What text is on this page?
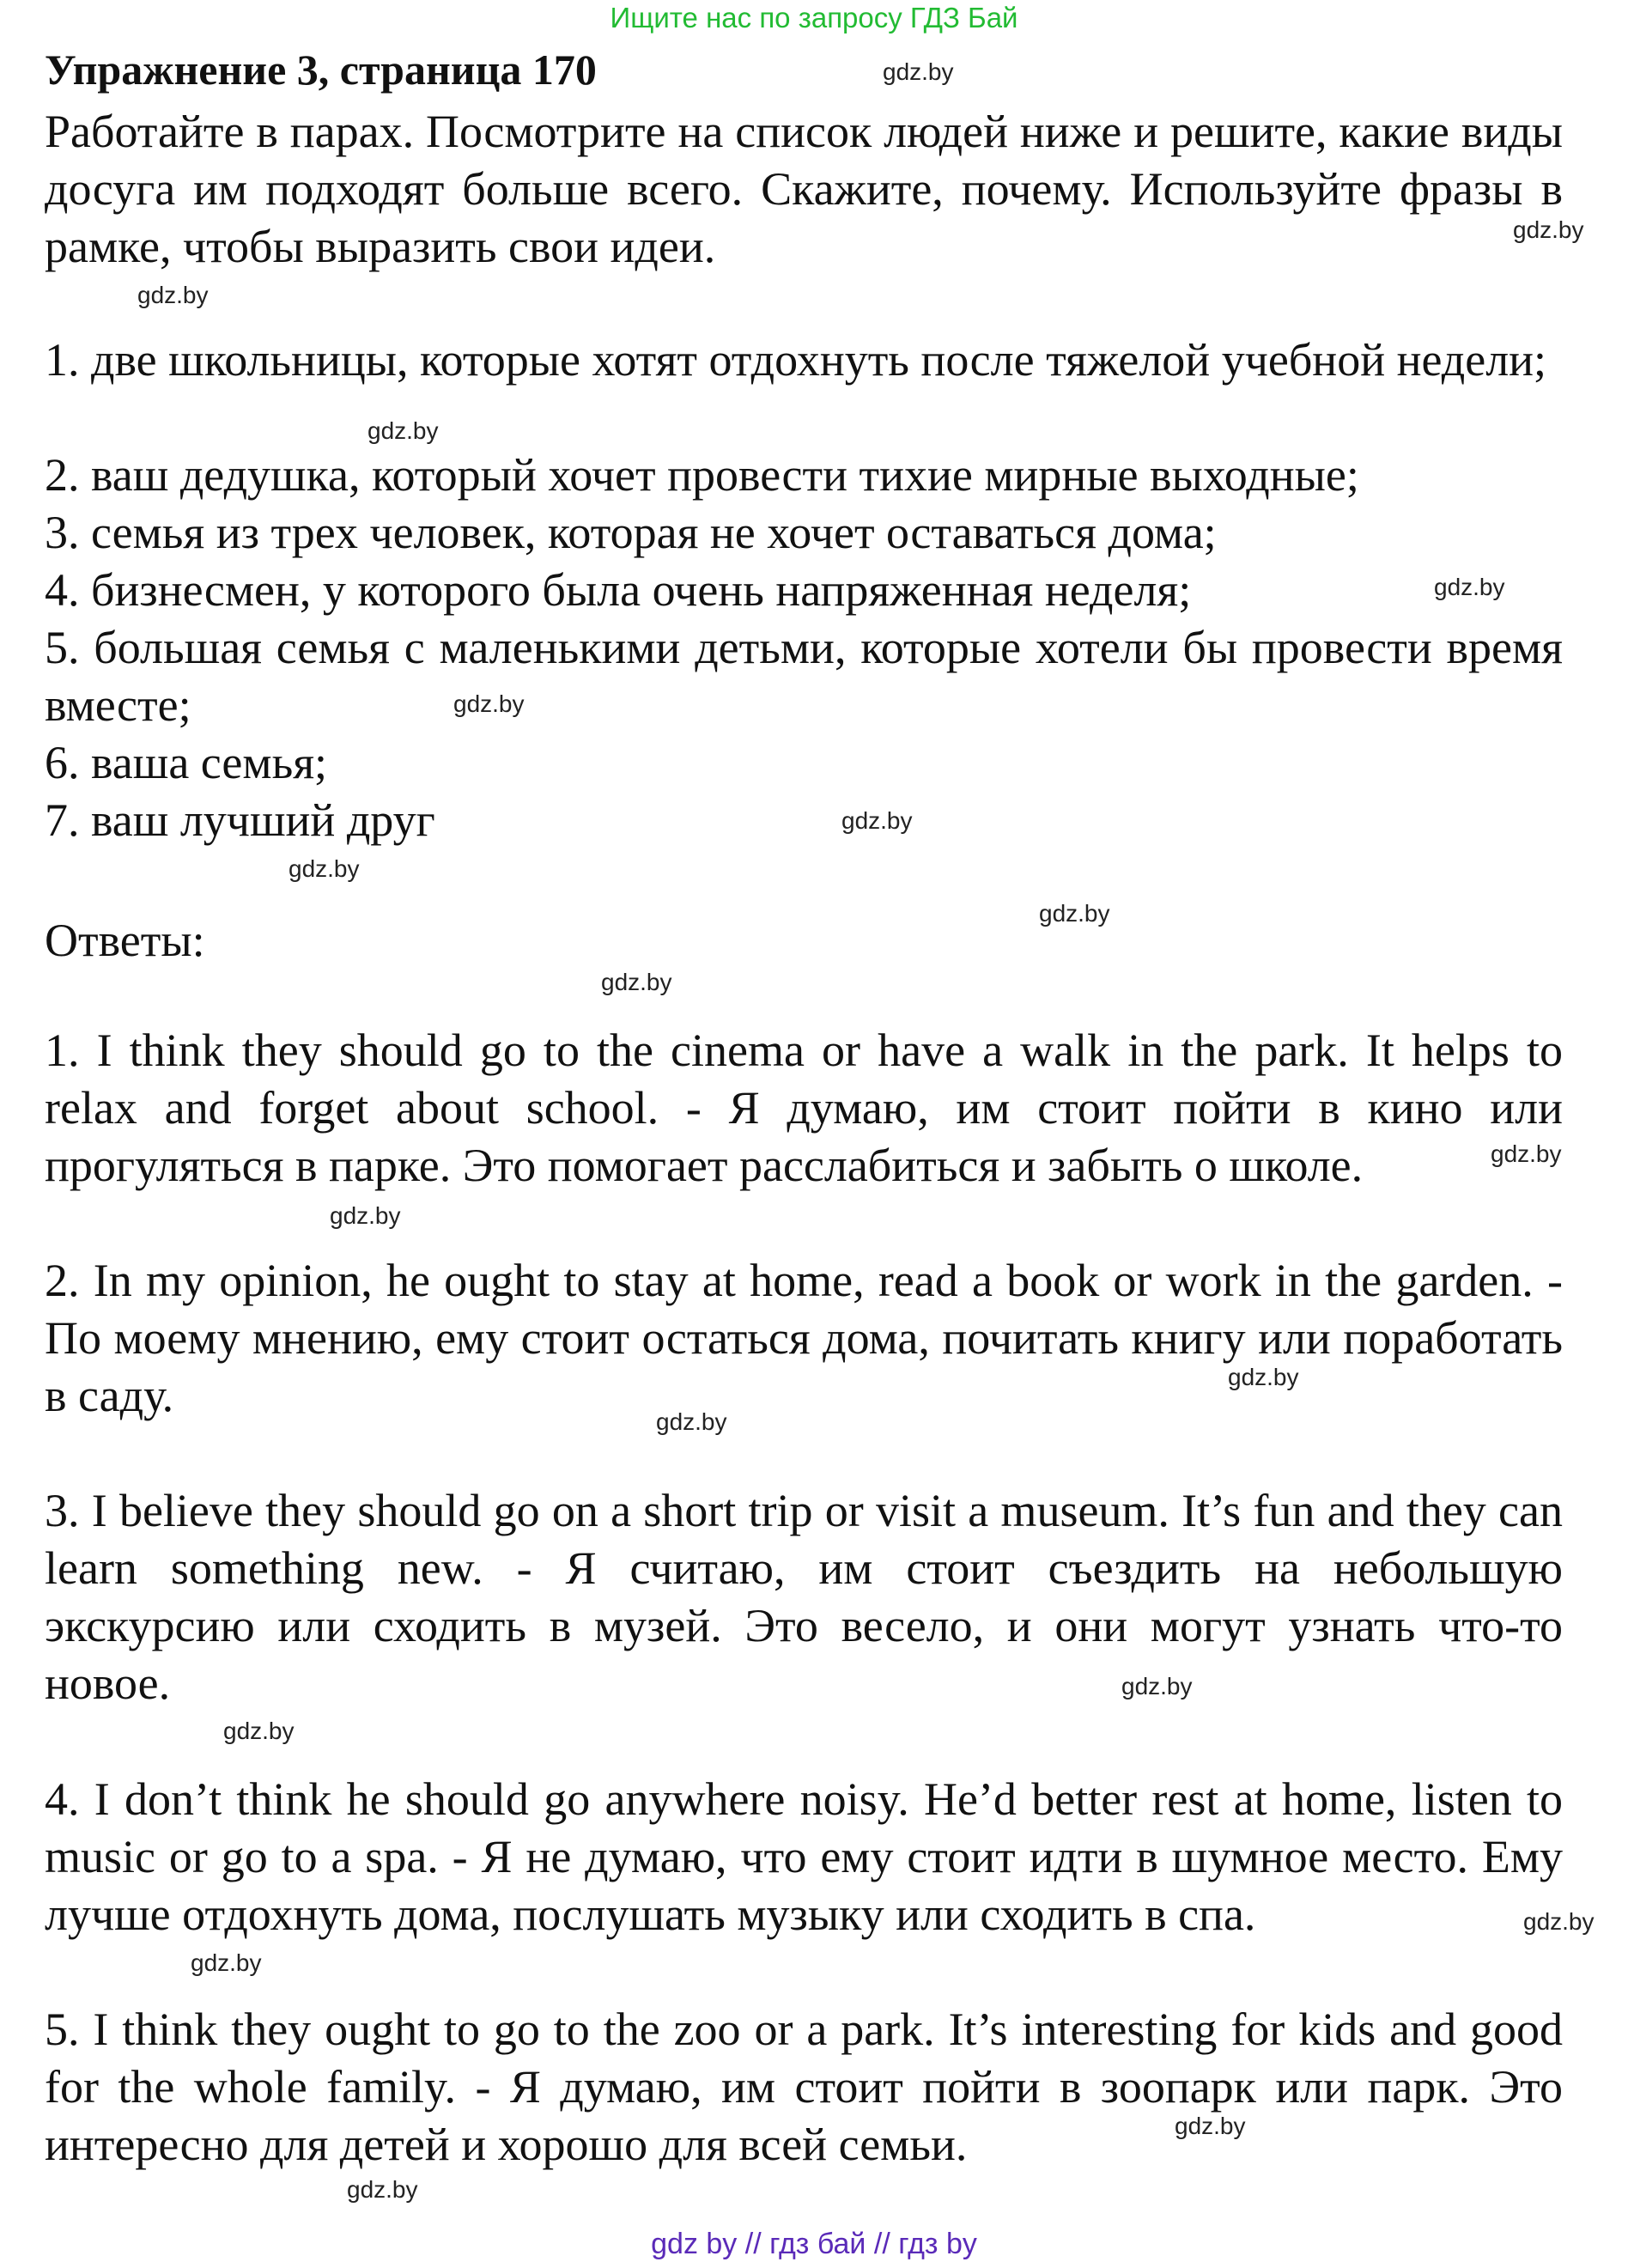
Ищите нас по запросу ГДЗ Бай
Упражнение 3, страница 170
Работайте в парах. Посмотрите на список людей ниже и решите, какие виды досуга им подходят больше всего. Скажите, почему. Используйте фразы в рамке, чтобы выразить свои идеи.
1. две школьницы, которые хотят отдохнуть после тяжелой учебной недели;
2. ваш дедушка, который хочет провести тихие мирные выходные;
3. семья из трех человек, которая не хочет оставаться дома;
4. бизнесмен, у которого была очень напряженная неделя;
5. большая семья с маленькими детьми, которые хотели бы провести время вместе;
6. ваша семья;
7. ваш лучший друг
Ответы:
1. I think they should go to the cinema or have a walk in the park. It helps to relax and forget about school. - Я думаю, им стоит пойти в кино или прогуляться в парке. Это помогает расслабиться и забыть о школе.
2. In my opinion, he ought to stay at home, read a book or work in the garden. - По моему мнению, ему стоит остаться дома, почитать книгу или поработать в саду.
3. I believe they should go on a short trip or visit a museum. It’s fun and they can learn something new. - Я считаю, им стоит съездить на небольшую экскурсию или сходить в музей. Это весело, и они могут узнать что-то новое.
4. I don’t think he should go anywhere noisy. He’d better rest at home, listen to music or go to a spa. - Я не думаю, что ему стоит идти в шумное место. Ему лучше отдохнуть дома, послушать музыку или сходить в спа.
5. I think they ought to go to the zoo or a park. It’s interesting for kids and good for the whole family. - Я думаю, им стоит пойти в зоопарк или парк. Это интересно для детей и хорошо для всей семьи.
gdz.by
gdz.by
gdz.by
gdz.by
gdz.by
gdz.by
gdz.by
gdz.by
gdz.by
gdz.by
gdz.by
gdz.by
gdz.by
gdz.by
gdz.by
gdz.by
gdz.by
gdz.by
gdz.by
gdz.by
gdz by // гдз бай // гдз by
